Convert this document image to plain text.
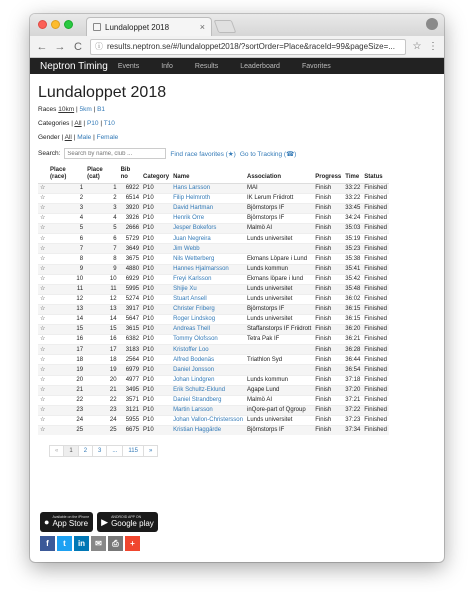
Lundaloppet 2018	×
← → C ⓘ results.neptron.se/#/lundaloppet2018/?sortOrder=Place&raceId=99&pageSize=... ☆ ⋮
Neptron Timing Events	Info	Results	Leaderboard	Favorites
Lundaloppet 2018
Races 10km | 5km | B1
Categories | All | P10 | T10
Gender | All | Male | Female
Search:
Search by name, club ...	Find race favorites (★) Go to Tracking (☎)
	Place (race)	Place (cat)	Bib no	Category	Name	Association	Progress	Time	Status
☆	1	1	6922	P10	Hans Larsson	MAI	Finish	33:22	Finished
☆	2	2	6514	P10	Filip Helmroth	IK Lerum Friidrott	Finish	33:22	Finished
☆	3	3	3920	P10	David Hartman	Björnstorps IF	Finish	33:45	Finished
☆	4	4	3926	P10	Henrik Orre	Björnstorps IF	Finish	34:24	Finished
☆	5	5	2666	P10	Jesper Bokefors	Malmö AI	Finish	35:03	Finished
☆	6	6	5729	P10	Juan Negreira	Lunds universitet	Finish	35:19	Finished
☆	7	7	3649	P10	Jim Webb		Finish	35:23	Finished
☆	8	8	3675	P10	Nils Wetterberg	Ekmans Löpare i Lund	Finish	35:38	Finished
☆	9	9	4880	P10	Hannes Hjalmarsson	Lunds kommun	Finish	35:41	Finished
☆	10	10	6929	P10	Freyi Karlsson	Ekmans löpare i lund	Finish	35:42	Finished
☆	11	11	5995	P10	Shijie Xu	Lunds universitet	Finish	35:48	Finished
☆	12	12	5274	P10	Stuart Ansell	Lunds universitet	Finish	36:02	Finished
☆	13	13	3917	P10	Christer Friberg	Björnstorps IF	Finish	36:15	Finished
☆	14	14	5647	P10	Roger Lindskog	Lunds universitet	Finish	36:15	Finished
☆	15	15	3615	P10	Andreas Thell	Staffanstorps IF Friidrott	Finish	36:20	Finished
☆	16	16	6382	P10	Tommy Olofsson	Tetra Pak IF	Finish	36:21	Finished
☆	17	17	3183	P10	Kristoffer Loo		Finish	36:28	Finished
☆	18	18	2564	P10	Alfred Bodenäs	Triathlon Syd	Finish	36:44	Finished
☆	19	19	6979	P10	Daniel Jonsson		Finish	36:54	Finished
☆	20	20	4977	P10	Johan Lindgren	Lunds kommun	Finish	37:18	Finished
☆	21	21	3495	P10	Erik Schultz-Eklund	Agape Lund	Finish	37:20	Finished
☆	22	22	3571	P10	Daniel Strandberg	Malmö AI	Finish	37:21	Finished
☆	23	23	3121	P10	Martin Larsson	inQore-part of Qgroup	Finish	37:22	Finished
☆	24	24	5955	P10	Johan Vallon-Christersson	Lunds universitet	Finish	37:23	Finished
☆	25	25	6675	P10	Kristian Haggärde	Björnstorps IF	Finish	37:34	Finished
«	1	2	3	...	115	»
● Available on the iPhone
App Store ▶ ANDROID APP ON
Google play
f	t	in	✉	⎙	+
